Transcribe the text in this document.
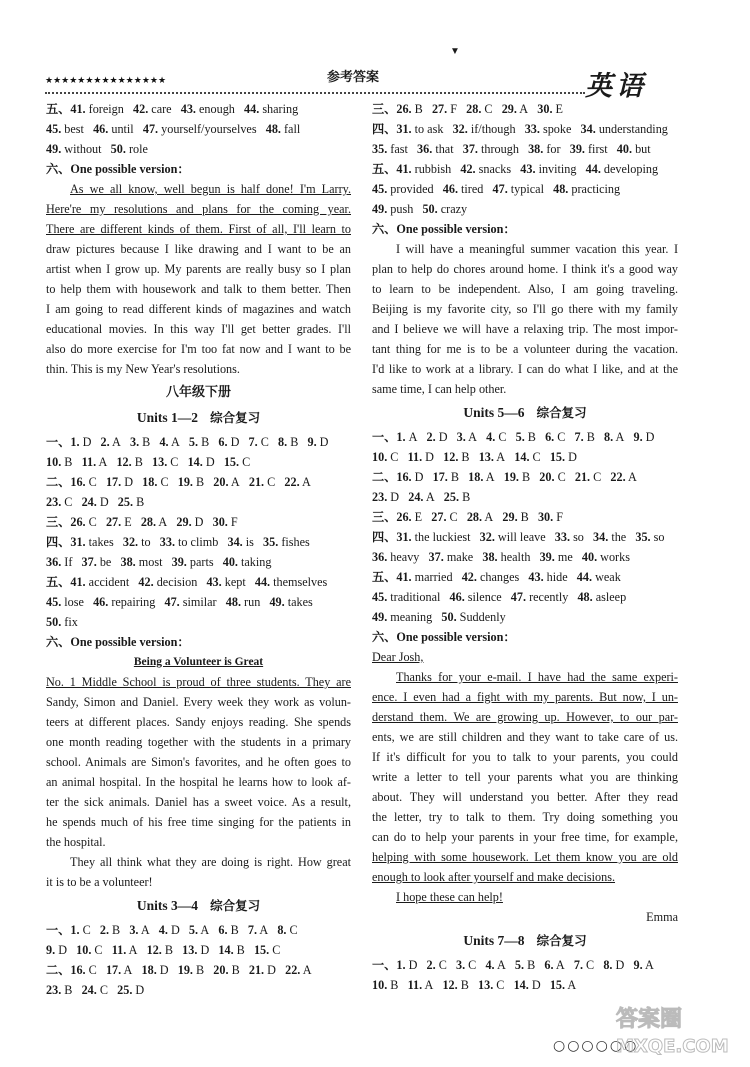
▼
★★★★★★★★★★★★★★★	参考答案	英语
五、41. foreign   42. care   43. enough   44. sharing
45. best   46. until   47. yourself/yourselves   48. fall
49. without   50. role
六、One possible version：
As we all know, well begun is half done! I'm Larry.
Here're my resolutions and plans for the coming year.
There are different kinds of them. First of all, I'll learn to
draw pictures because I like drawing and I want to be an
artist when I grow up. My parents are really busy so I plan
to help them with housework and talk to them better. Then
I am going to read different kinds of magazines and watch
educational movies. In this way I'll get better grades. I'll
also do more exercise for I'm too fat now and I want to be
thin. This is my New Year's resolutions.
八年级下册
Units 1—2 综合复习
一、1. D   2. A   3. B   4. A   5. B   6. D   7. C   8. B   9. D
10. B   11. A   12. B   13. C   14. D   15. C
二、16. C   17. D   18. C   19. B   20. A   21. C   22. A
23. C   24. D   25. B
三、26. C   27. E   28. A   29. D   30. F
四、31. takes   32. to   33. to climb   34. is   35. fishes
36. If   37. be   38. most   39. parts   40. taking
五、41. accident   42. decision   43. kept   44. themselves
45. lose   46. repairing   47. similar   48. run   49. takes
50. fix
六、One possible version：
Being a Volunteer is Great
No. 1 Middle School is proud of three students. They are
Sandy, Simon and Daniel. Every week they work as volun-
teers at different places. Sandy enjoys reading. She spends
one month reading together with the students in a primary
school. Animals are Simon's favorites, and he often goes to
an animal hospital. In the hospital he learns how to look af-
ter the sick animals. Daniel has a sweet voice. As a result,
he spends much of his free time singing for the patients in
the hospital.
They all think what they are doing is right. How great
it is to be a volunteer!
Units 3—4 综合复习
一、1. C   2. B   3. A   4. D   5. A   6. B   7. A   8. C
9. D   10. C   11. A   12. B   13. D   14. B   15. C
二、16. C   17. A   18. D   19. B   20. B   21. D   22. A
23. B   24. C   25. D
三、26. B   27. F   28. C   29. A   30. E
四、31. to ask   32. if/though   33. spoke   34. understanding
35. fast   36. that   37. through   38. for   39. first   40. but
五、41. rubbish   42. snacks   43. inviting   44. developing
45. provided   46. tired   47. typical   48. practicing
49. push   50. crazy
六、One possible version：
I will have a meaningful summer vacation this year. I
plan to help do chores around home. I think it's a good way
to learn to be independent. Also, I am going traveling.
Beijing is my favorite city, so I'll go there with my family
and I believe we will have a relaxing trip. The most impor-
tant thing for me is to be a volunteer during the vacation.
I'd like to work at a library. I can do what I like, and at the
same time, I can help other.
Units 5—6 综合复习
一、1. A   2. D   3. A   4. C   5. B   6. C   7. B   8. A   9. D
10. C   11. D   12. B   13. A   14. C   15. D
二、16. D   17. B   18. A   19. B   20. C   21. C   22. A
23. D   24. A   25. B
三、26. E   27. C   28. A   29. B   30. F
四、31. the luckiest   32. will leave   33. so   34. the   35. so
36. heavy   37. make   38. health   39. me   40. works
五、41. married   42. changes   43. hide   44. weak
45. traditional   46. silence   47. recently   48. asleep
49. meaning   50. Suddenly
六、One possible version：
Dear Josh,
Thanks for your e-mail. I have had the same experi-
ence. I even had a fight with my parents. But now, I un-
derstand them. We are growing up. However, to our par-
ents, we are still children and they want to take care of us.
If it's difficult for you to talk to your parents, you could
write a letter to tell your parents what you are thinking
about. They will understand you better. After they read
the letter, try to talk to them. Try doing something you
can do to help your parents in your free time, for example,
helping with some housework. Let them know you are old
enough to look after yourself and make decisions.
I hope these can help!
Emma
Units 7—8 综合复习
一、1. D   2. C   3. C   4. A   5. B   6. A   7. C   8. D   9. A
10. B   11. A   12. B   13. C   14. D   15. A
○○○○○○
答案圈
MXQE.COM
